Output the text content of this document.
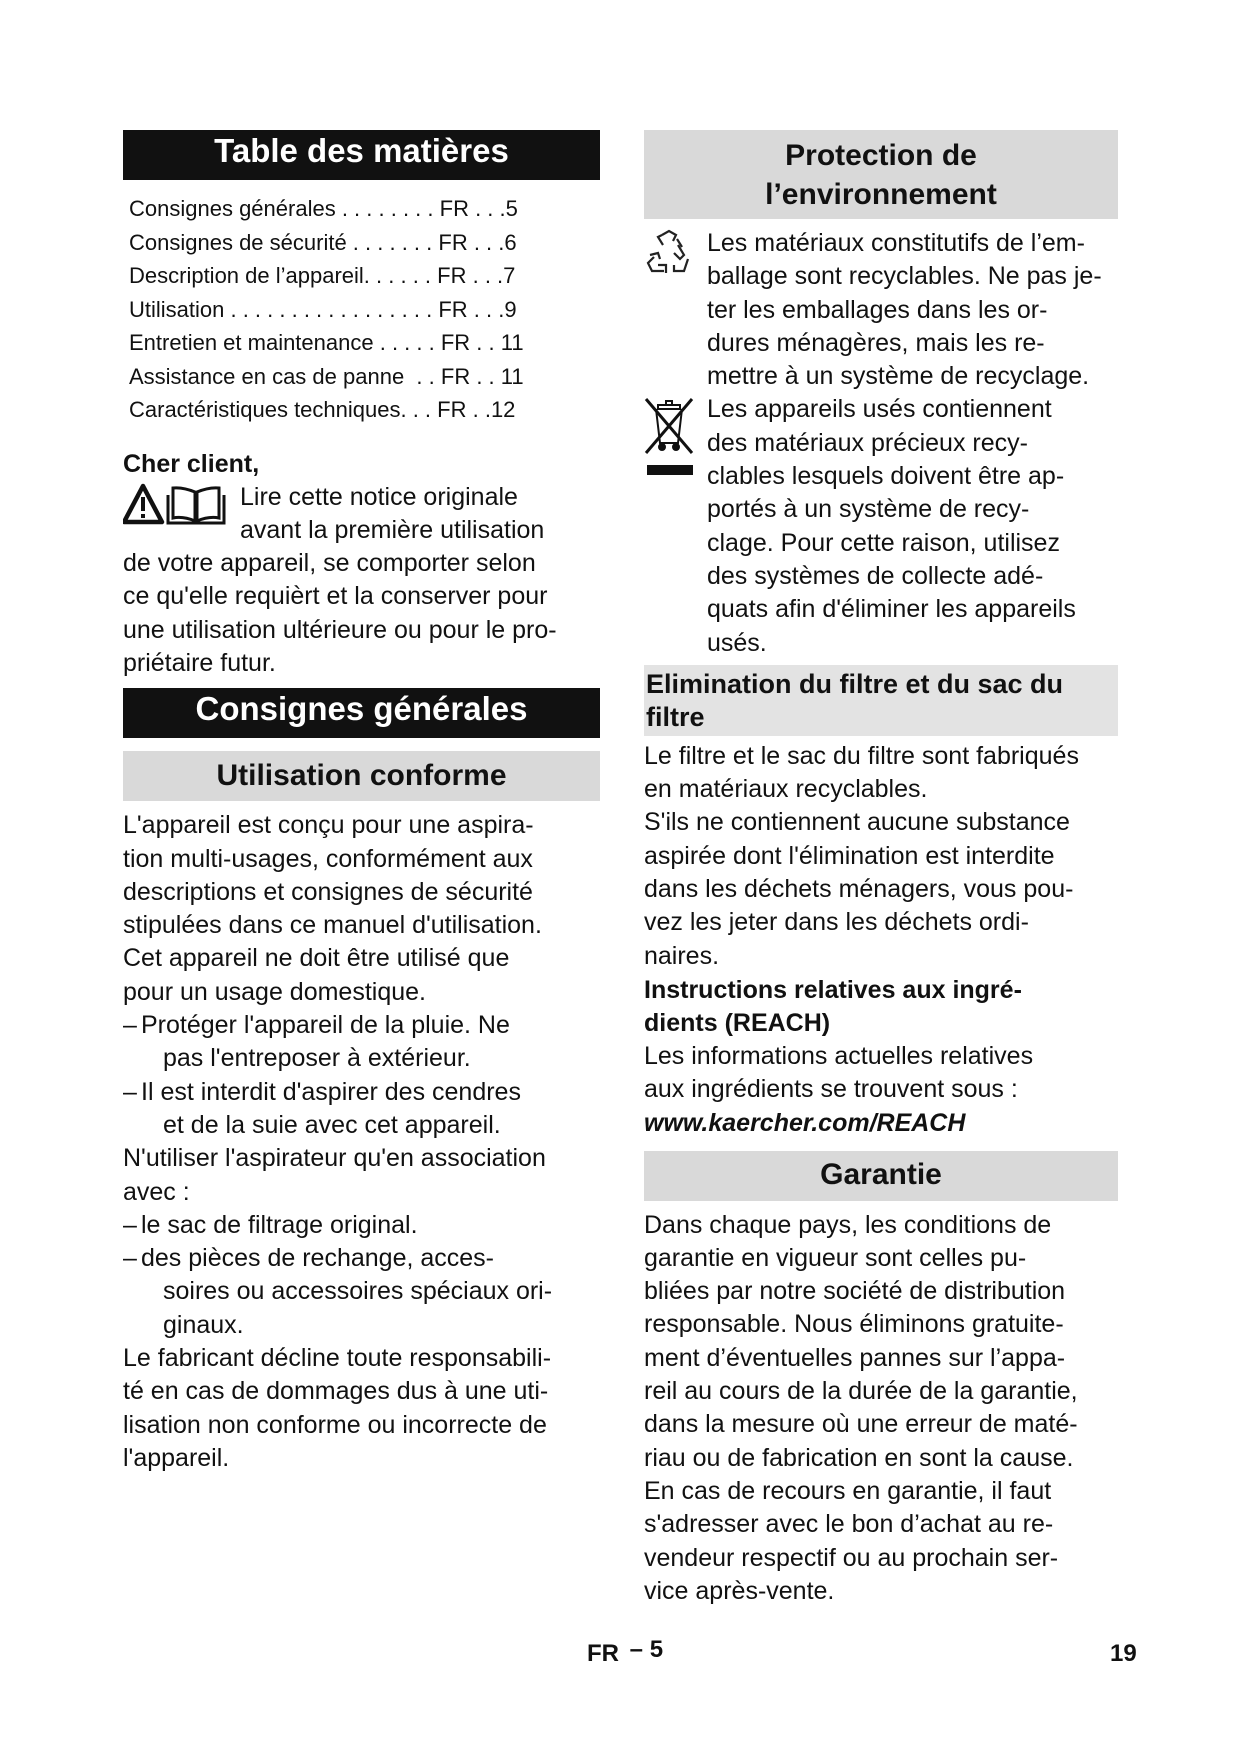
Table des matières
Consignes générales . . . . . . . . FR . . .5
Consignes de sécurité . . . . . . . FR . . .6
Description de l’appareil . . . . . . FR . . .7
Utilisation . . . . . . . . . . . . . . . . . FR . . .9
Entretien et maintenance . . . . . FR . . 11
Assistance en cas de panne . . FR . . 11
Caractéristiques techniques . . . FR . .12
Cher client,
Lire cette notice originale
avant la première utilisation
de votre appareil, se comporter selon
ce qu'elle requièrt et la conserver pour
une utilisation ultérieure ou pour le pro-
priétaire futur.
Consignes générales
Utilisation conforme
L'appareil est conçu pour une aspira-
tion multi-usages, conformément aux
descriptions et consignes de sécurité
stipulées dans ce manuel d'utilisation.
Cet appareil ne doit être utilisé que
pour un usage domestique.
– Protéger l'appareil de la pluie. Ne
pas l'entreposer à extérieur.
– Il est interdit d'aspirer des cendres
et de la suie avec cet appareil.
N'utiliser l'aspirateur qu'en association
avec :
– le sac de filtrage original.
– des pièces de rechange, acces-
soires ou accessoires spéciaux ori-
ginaux.
Le fabricant décline toute responsabili-
té en cas de dommages dus à une uti-
lisation non conforme ou incorrecte de
l'appareil.
Protection de
l’environnement
Les matériaux constitutifs de l’em-
ballage sont recyclables. Ne pas je-
ter les emballages dans les or-
dures ménagères, mais les re-
mettre à un système de recyclage.
Les appareils usés contiennent
des matériaux précieux recy-
clables lesquels doivent être ap-
portés à un système de recy-
clage. Pour cette raison, utilisez
des systèmes de collecte adé-
quats afin d'éliminer les appareils
usés.
Elimination du filtre et du sac du
filtre
Le filtre et le sac du filtre sont fabriqués
en matériaux recyclables.
S'ils ne contiennent aucune substance
aspirée dont l'élimination est interdite
dans les déchets ménagers, vous pou-
vez les jeter dans les déchets ordi-
naires.
Instructions relatives aux ingré-
dients (REACH)
Les informations actuelles relatives
aux ingrédients se trouvent sous :
www.kaercher.com/REACH
Garantie
Dans chaque pays, les conditions de
garantie en vigueur sont celles pu-
bliées par notre société de distribution
responsable. Nous éliminons gratuite-
ment d’éventuelles pannes sur l’appa-
reil au cours de la durée de la garantie,
dans la mesure où une erreur de maté-
riau ou de fabrication en sont la cause.
En cas de recours en garantie, il faut
s'adresser avec le bon d’achat au re-
vendeur respectif ou au prochain ser-
vice après-vente.
FR – 5	19
